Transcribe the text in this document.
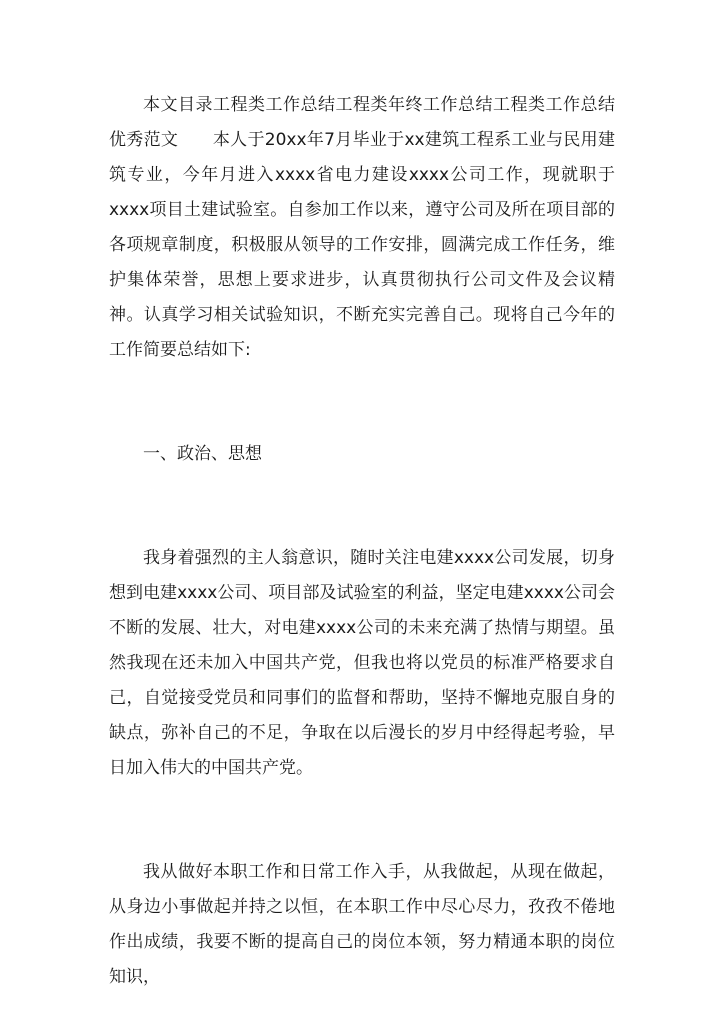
本文目录工程类工作总结工程类年终工作总结工程类工作总结优秀范文　　本人于20xx年7月毕业于xx建筑工程系工业与民用建筑专业，今年月进入xxxx省电力建设xxxx公司工作，现就职于xxxx项目土建试验室。自参加工作以来，遵守公司及所在项目部的各项规章制度，积极服从领导的工作安排，圆满完成工作任务，维护集体荣誉，思想上要求进步，认真贯彻执行公司文件及会议精神。认真学习相关试验知识，不断充实完善自己。现将自己今年的工作简要总结如下:

一、政治、思想

我身着强烈的主人翁意识，随时关注电建xxxx公司发展，切身想到电建xxxx公司、项目部及试验室的利益，坚定电建xxxx公司会不断的发展、壮大，对电建xxxx公司的未来充满了热情与期望。虽然我现在还未加入中国共产党，但我也将以党员的标准严格要求自己，自觉接受党员和同事们的监督和帮助，坚持不懈地克服自身的缺点，弥补自己的不足，争取在以后漫长的岁月中经得起考验，早日加入伟大的中国共产党。

我从做好本职工作和日常工作入手，从我做起，从现在做起，从身边小事做起并持之以恒，在本职工作中尽心尽力，孜孜不倦地作出成绩，我要不断的提高自己的岗位本领，努力精通本职的岗位知识，
